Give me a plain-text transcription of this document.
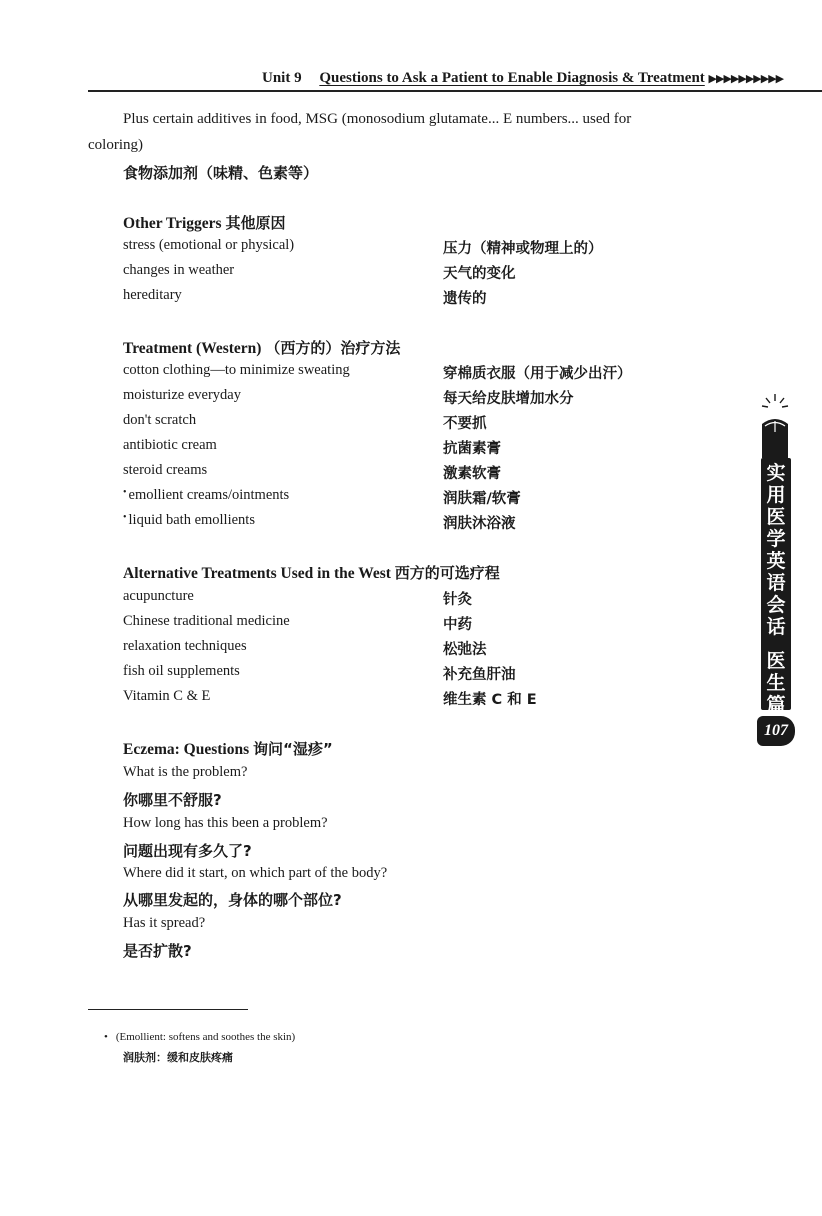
Unit 9 Questions to Ask a Patient to Enable Diagnosis & Treatment ▶▶▶▶▶▶▶▶▶▶
Plus certain additives in food, MSG (monosodium glutamate... E numbers... used for
coloring)
食物添加剂（味精、色素等）
Other Triggers 其他原因
stress (emotional or physical)	压力（精神或物理上的）
changes in weather	天气的变化
hereditary	遗传的
Treatment (Western) （西方的）治疗方法
cotton clothing—to minimize sweating	穿棉质衣服（用于减少出汗）
moisturize everyday	每天给皮肤增加水分
don't scratch	不要抓
antibiotic cream	抗菌素膏
steroid creams	激素软膏
• emollient creams/ointments	润肤霜/软膏
• liquid bath emollients	润肤沐浴液
Alternative Treatments Used in the West 西方的可选疗程
acupuncture	针灸
Chinese traditional medicine	中药
relaxation techniques	松弛法
fish oil supplements	补充鱼肝油
Vitamin C & E	维生素 C 和 E
Eczema: Questions 询问“湿疹”
What is the problem?
你哪里不舒服?
How long has this been a problem?
问题出现有多久了?
Where did it start, on which part of the body?
从哪里发起的，身体的哪个部位?
Has it spread?
是否扩散?
• (Emollient: softens and soothes the skin)
润肤剂：缓和皮肤疼痛
实
用
医
学
英
语
会
话
医
生
篇
107
